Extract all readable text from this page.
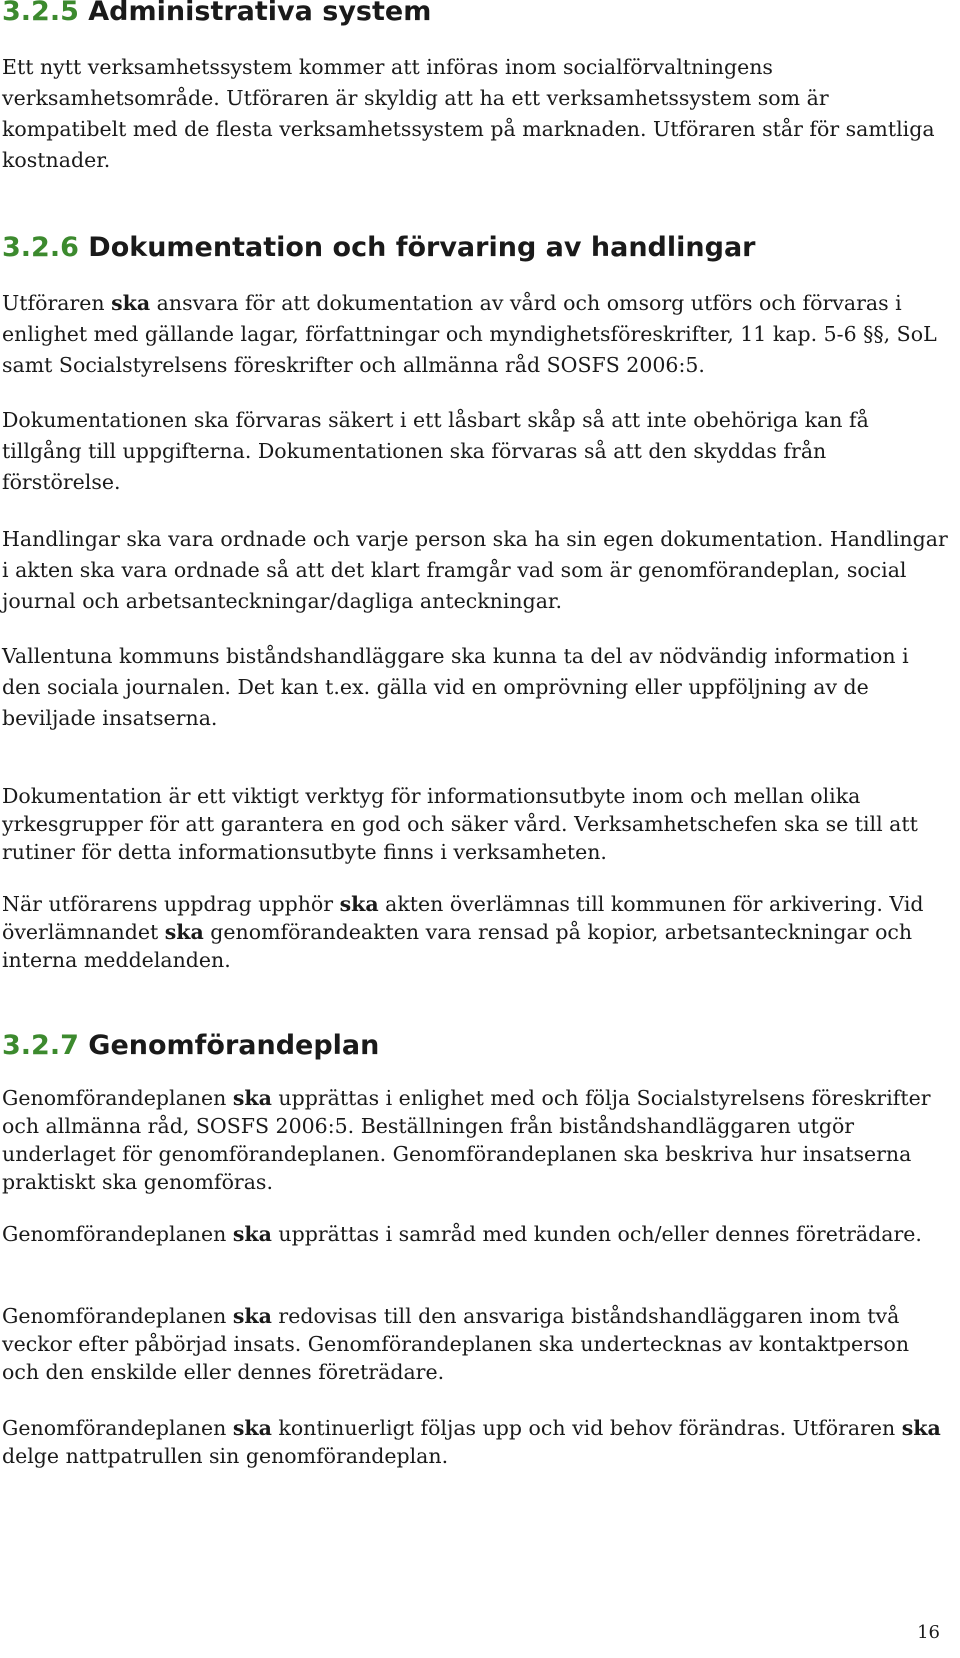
3.2.5 Administrativa system

Ett nytt verksamhetssystem kommer att införas inom socialförvaltningens verksamhetsområde. Utföraren är skyldig att ha ett verksamhetssystem som är kompatibelt med de flesta verksamhetssystem på marknaden. Utföraren står för samtliga kostnader.

3.2.6 Dokumentation och förvaring av handlingar

Utföraren ska ansvara för att dokumentation av vård och omsorg utförs och förvaras i enlighet med gällande lagar, författningar och myndighetsföreskrifter, 11 kap. 5-6 §§, SoL samt Socialstyrelsens föreskrifter och allmänna råd SOSFS 2006:5.

Dokumentationen ska förvaras säkert i ett låsbart skåp så att inte obehöriga kan få tillgång till uppgifterna. Dokumentationen ska förvaras så att den skyddas från förstörelse.

Handlingar ska vara ordnade och varje person ska ha sin egen dokumentation. Handlingar i akten ska vara ordnade så att det klart framgår vad som är genomförandeplan, social journal och arbetsanteckningar/dagliga anteckningar.

Vallentuna kommuns biståndshandläggare ska kunna ta del av nödvändig information i den sociala journalen. Det kan t.ex. gälla vid en omprövning eller uppföljning av de beviljade insatserna.

Dokumentation är ett viktigt verktyg för informationsutbyte inom och mellan olika yrkesgrupper för att garantera en god och säker vård. Verksamhetschefen ska se till att rutiner för detta informationsutbyte finns i verksamheten.

När utförarens uppdrag upphör ska akten överlämnas till kommunen för arkivering. Vid överlämnandet ska genomförandeakten vara rensad på kopior, arbetsanteckningar och interna meddelanden.

3.2.7 Genomförandeplan

Genomförandeplanen ska upprättas i enlighet med och följa Socialstyrelsens föreskrifter och allmänna råd, SOSFS 2006:5. Beställningen från biståndshandläggaren utgör underlaget för genomförandeplanen. Genomförandeplanen ska beskriva hur insatserna praktiskt ska genomföras.

Genomförandeplanen ska upprättas i samråd med kunden och/eller dennes företrädare.

Genomförandeplanen ska redovisas till den ansvariga biståndshandläggaren inom två veckor efter påbörjad insats. Genomförandeplanen ska undertecknas av kontaktperson och den enskilde eller dennes företrädare.

Genomförandeplanen ska kontinuerligt följas upp och vid behov förändras. Utföraren ska delge nattpatrullen sin genomförandeplan.

16
